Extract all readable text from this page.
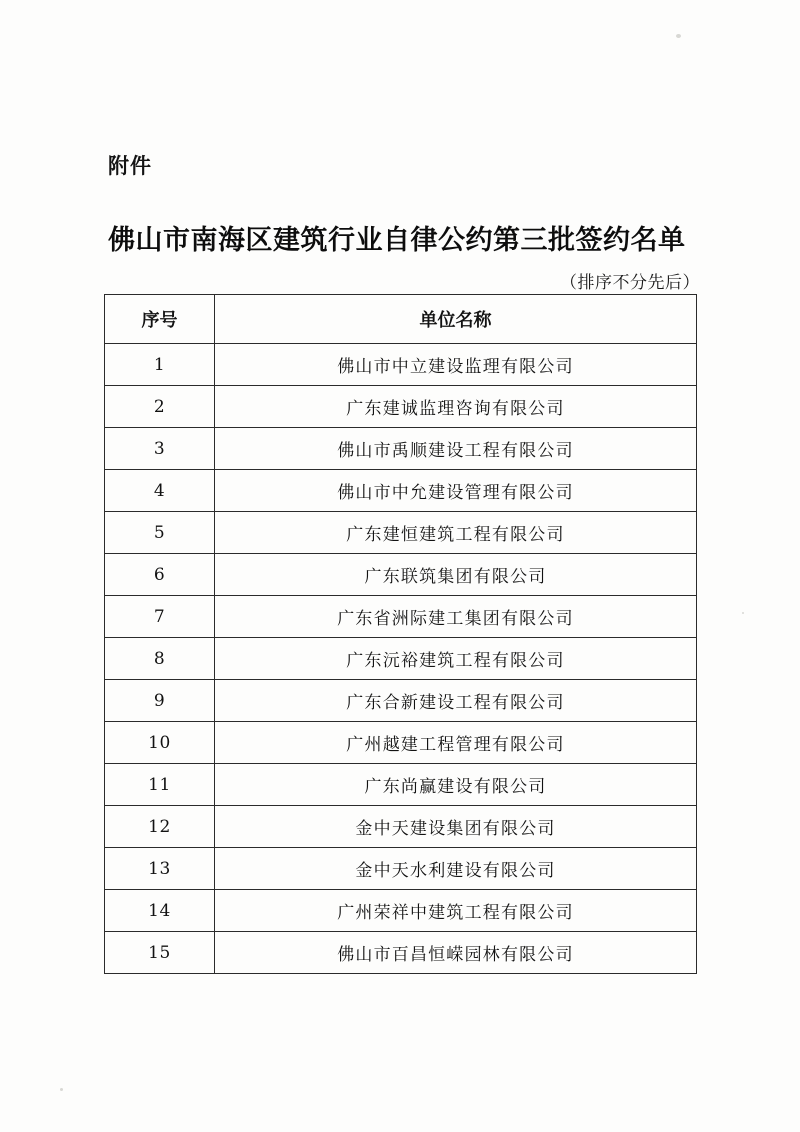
附件
佛山市南海区建筑行业自律公约第三批签约名单
（排序不分先后）
序号	单位名称
1	佛山市中立建设监理有限公司
2	广东建诚监理咨询有限公司
3	佛山市禹顺建设工程有限公司
4	佛山市中允建设管理有限公司
5	广东建恒建筑工程有限公司
6	广东联筑集团有限公司
7	广东省洲际建工集团有限公司
8	广东沅裕建筑工程有限公司
9	广东合新建设工程有限公司
10	广州越建工程管理有限公司
11	广东尚赢建设有限公司
12	金中天建设集团有限公司
13	金中天水利建设有限公司
14	广州荣祥中建筑工程有限公司
15	佛山市百昌恒嵘园林有限公司
